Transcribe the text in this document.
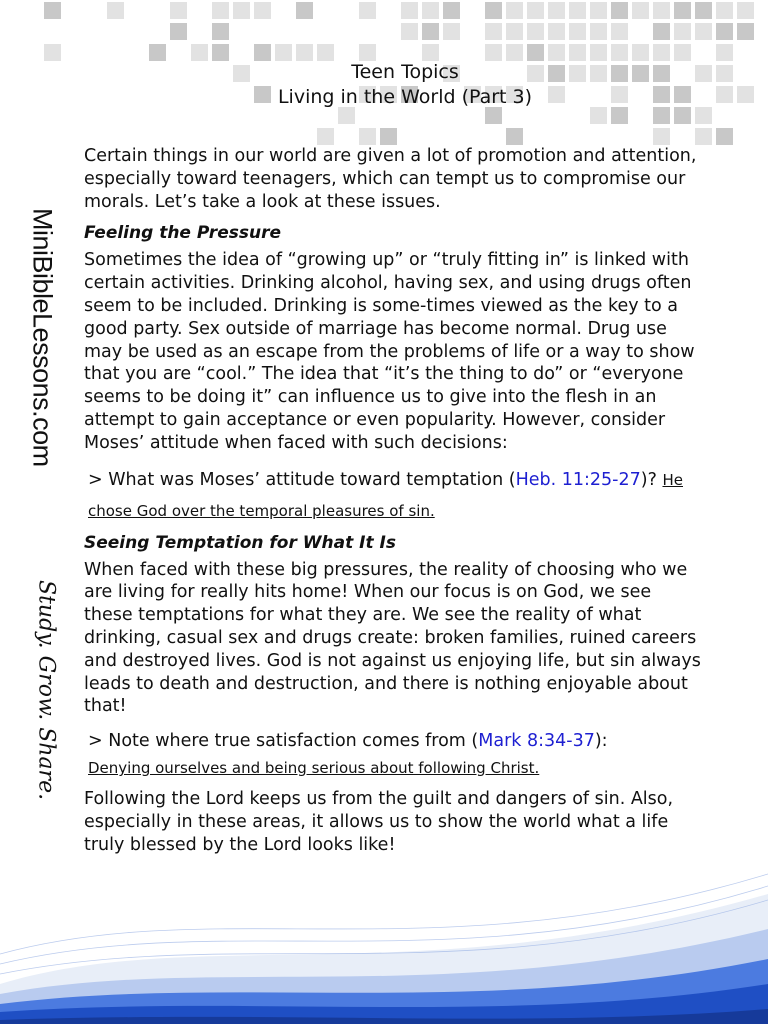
MiniBibleLessons.com
Study. Grow. Share.
Teen Topics
Living in the World (Part 3)

Certain things in our world are given a lot of promotion and attention, especially toward teenagers, which can tempt us to compromise our morals. Let’s take a look at these issues.

Feeling the Pressure

Sometimes the idea of “growing up” or “truly fitting in” is linked with certain activities. Drinking alcohol, having sex, and using drugs often seem to be included. Drinking is some-times viewed as the key to a good party. Sex outside of marriage has become normal. Drug use may be used as an escape from the problems of life or a way to show that you are “cool.” The idea that “it’s the thing to do” or “everyone seems to be doing it” can influence us to give into the flesh in an attempt to gain acceptance or even popularity. However, consider Moses’ attitude when faced with such decisions:

> What was Moses’ attitude toward temptation (Heb. 11:25-27)? He chose God over the temporal pleasures of sin.
Seeing Temptation for What It Is

When faced with these big pressures, the reality of choosing who we are living for really hits home! When our focus is on God, we see these temptations for what they are. We see the reality of what drinking, casual sex and drugs create: broken families, ruined careers and destroyed lives. God is not against us enjoying life, but sin always leads to death and destruction, and there is nothing enjoyable about that!

> Note where true satisfaction comes from (Mark 8:34-37):
Denying ourselves and being serious about following Christ.

Following the Lord keeps us from the guilt and dangers of sin. Also, especially in these areas, it allows us to show the world what a life truly blessed by the Lord looks like!
